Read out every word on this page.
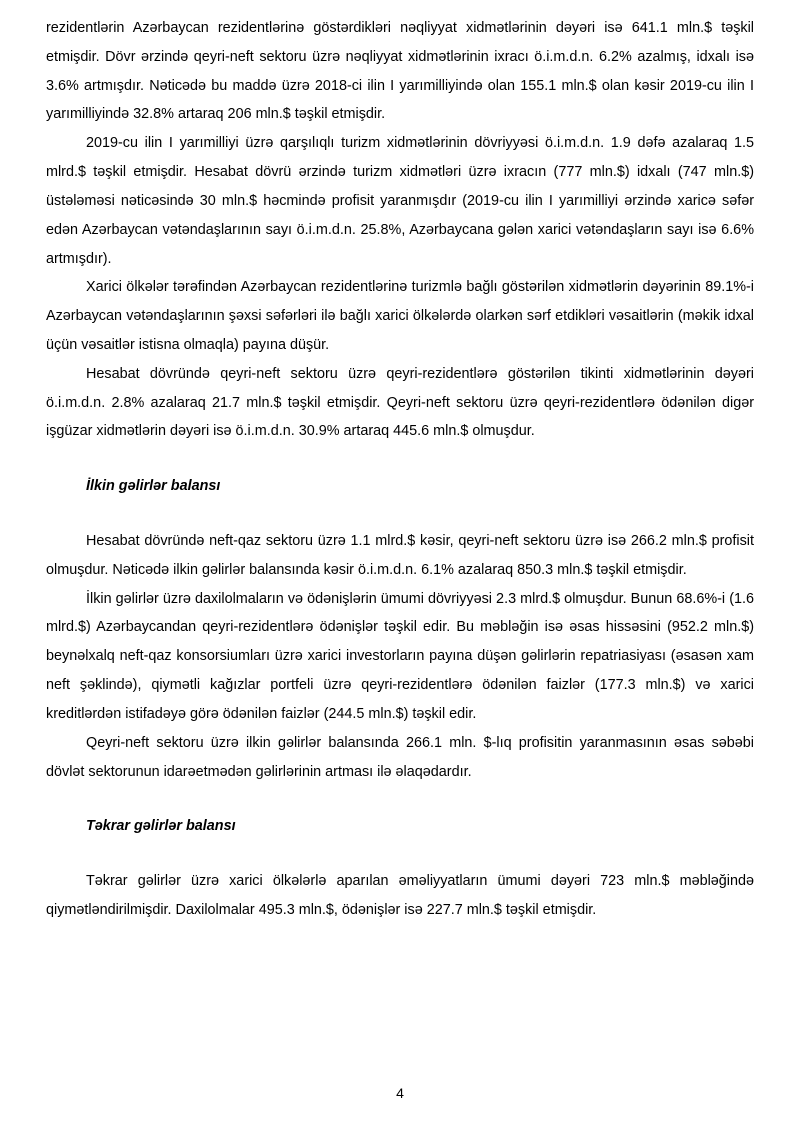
rezidentlərin Azərbaycan rezidentlərinə göstərdikləri nəqliyyat xidmətlərinin dəyəri isə 641.1 mln.$ təşkil etmişdir. Dövr ərzində qeyri-neft sektoru üzrə nəqliyyat xidmətlərinin ixracı ö.i.m.d.n. 6.2% azalmış, idxalı isə 3.6% artmışdır. Nəticədə bu maddə üzrə 2018-ci ilin I yarımilliyində olan 155.1 mln.$ olan kəsir 2019-cu ilin I yarımilliyində 32.8% artaraq 206 mln.$ təşkil etmişdir.

2019-cu ilin I yarımilliyi üzrə qarşılıqlı turizm xidmətlərinin dövriyyəsi ö.i.m.d.n. 1.9 dəfə azalaraq 1.5 mlrd.$ təşkil etmişdir. Hesabat dövrü ərzində turizm xidmətləri üzrə ixracın (777 mln.$) idxalı (747 mln.$) üstələməsi nəticəsində 30 mln.$ həcmində profisit yaranmışdır (2019-cu ilin I yarımilliyi ərzində xaricə səfər edən Azərbaycan vətəndaşlarının sayı ö.i.m.d.n. 25.8%, Azərbaycana gələn xarici vətəndaşların sayı isə 6.6% artmışdır).

Xarici ölkələr tərəfindən Azərbaycan rezidentlərinə turizmlə bağlı göstərilən xidmətlərin dəyərinin 89.1%-i Azərbaycan vətəndaşlarının şəxsi səfərləri ilə bağlı xarici ölkələrdə olarkən sərf etdikləri vəsaitlərin (məkik idxal üçün vəsaitlər istisna olmaqla) payına düşür.

Hesabat dövründə qeyri-neft sektoru üzrə qeyri-rezidentlərə göstərilən tikinti xidmətlərinin dəyəri ö.i.m.d.n. 2.8% azalaraq 21.7 mln.$ təşkil etmişdir. Qeyri-neft sektoru üzrə qeyri-rezidentlərə ödənilən digər işgüzar xidmətlərin dəyəri isə ö.i.m.d.n. 30.9% artaraq 445.6 mln.$ olmuşdur.

İlkin gəlirlər balansı

Hesabat dövründə neft-qaz sektoru üzrə 1.1 mlrd.$ kəsir, qeyri-neft sektoru üzrə isə 266.2 mln.$ profisit olmuşdur. Nəticədə ilkin gəlirlər balansında kəsir ö.i.m.d.n. 6.1% azalaraq 850.3 mln.$ təşkil etmişdir.

İlkin gəlirlər üzrə daxilolmaların və ödənişlərin ümumi dövriyyəsi 2.3 mlrd.$ olmuşdur. Bunun 68.6%-i (1.6 mlrd.$) Azərbaycandan qeyri-rezidentlərə ödənişlər təşkil edir. Bu məbləğin isə əsas hissəsini (952.2 mln.$) beynəlxalq neft-qaz konsorsiumları üzrə xarici investorların payına düşən gəlirlərin repatriasiyası (əsasən xam neft şəklində), qiymətli kağızlar portfeli üzrə qeyri-rezidentlərə ödənilən faizlər (177.3 mln.$) və xarici kreditlərdən istifadəyə görə ödənilən faizlər (244.5 mln.$) təşkil edir.

Qeyri-neft sektoru üzrə ilkin gəlirlər balansında 266.1 mln. $-lıq profisitin yaranmasının əsas səbəbi dövlət sektorunun idarəetmədən gəlirlərinin artması ilə əlaqədardır.

Təkrar gəlirlər balansı

Təkrar gəlirlər üzrə xarici ölkələrlə aparılan əməliyyatların ümumi dəyəri 723 mln.$ məbləğində qiymətləndirilmişdir. Daxilolmalar 495.3 mln.$, ödənişlər isə 227.7 mln.$ təşkil etmişdir.

4
